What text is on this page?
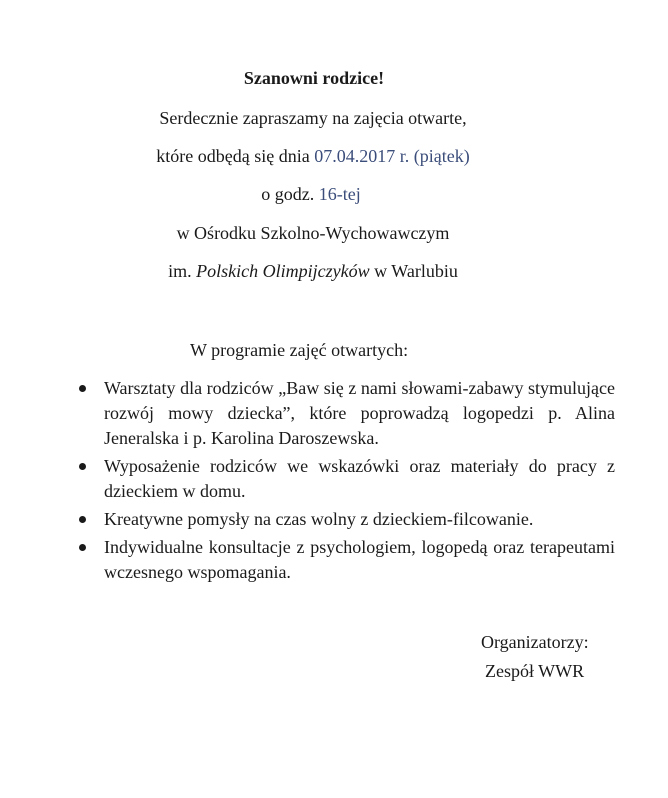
Szanowni rodzice!
Serdecznie zapraszamy na zajęcia otwarte,
które odbędą się dnia 07.04.2017 r. (piątek)
o godz. 16-tej
w Ośrodku Szkolno-Wychowawczym
im. Polskich Olimpijczyków w Warlubiu
W programie zajęć otwartych:
Warsztaty dla rodziców „Baw się z nami słowami-zabawy stymulujące rozwój mowy dziecka”, które poprowadzą logopedzi p. Alina Jeneralska i p. Karolina Daroszewska.
Wyposażenie rodziców we wskazówki oraz materiały do pracy z dzieckiem w domu.
Kreatywne pomysły na czas wolny z dzieckiem-filcowanie.
Indywidualne konsultacje z psychologiem, logopedą oraz terapeutami wczesnego wspomagania.
Organizatorzy:
Zespół WWR
